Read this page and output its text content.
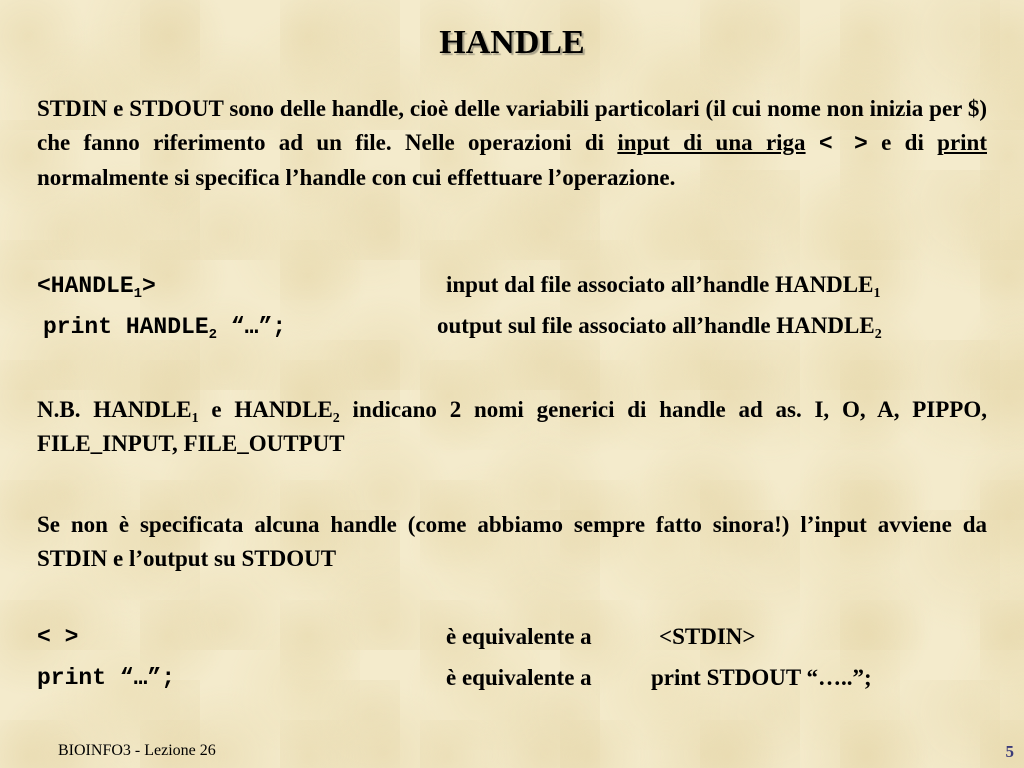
HANDLE

STDIN e STDOUT sono delle handle, cioè delle variabili particolari (il cui nome non inizia per $) che fanno riferimento ad un file. Nelle operazioni di input di una riga < > e di print normalmente si specifica l’handle con cui effettuare l’operazione.

$<HANDLE_1>$	input dal file associato all’handle $HANDLE_1$
print $HANDLE_2$ “…”;	output sul file associato all’handle $HANDLE_2$

N.B. $HANDLE_1$ e $HANDLE_2$ indicano 2 nomi generici di handle ad as. I, O, A, PIPPO, FILE_INPUT, FILE_OUTPUT

Se non è specificata alcuna handle (come abbiamo sempre fatto sinora!) l’input avviene da STDIN e l’output su STDOUT

< >	è equivalente a	<STDIN>
print “…”;	è equivalente a	print STDOUT “…..”;
BIOINFO3 - Lezione 26	5
